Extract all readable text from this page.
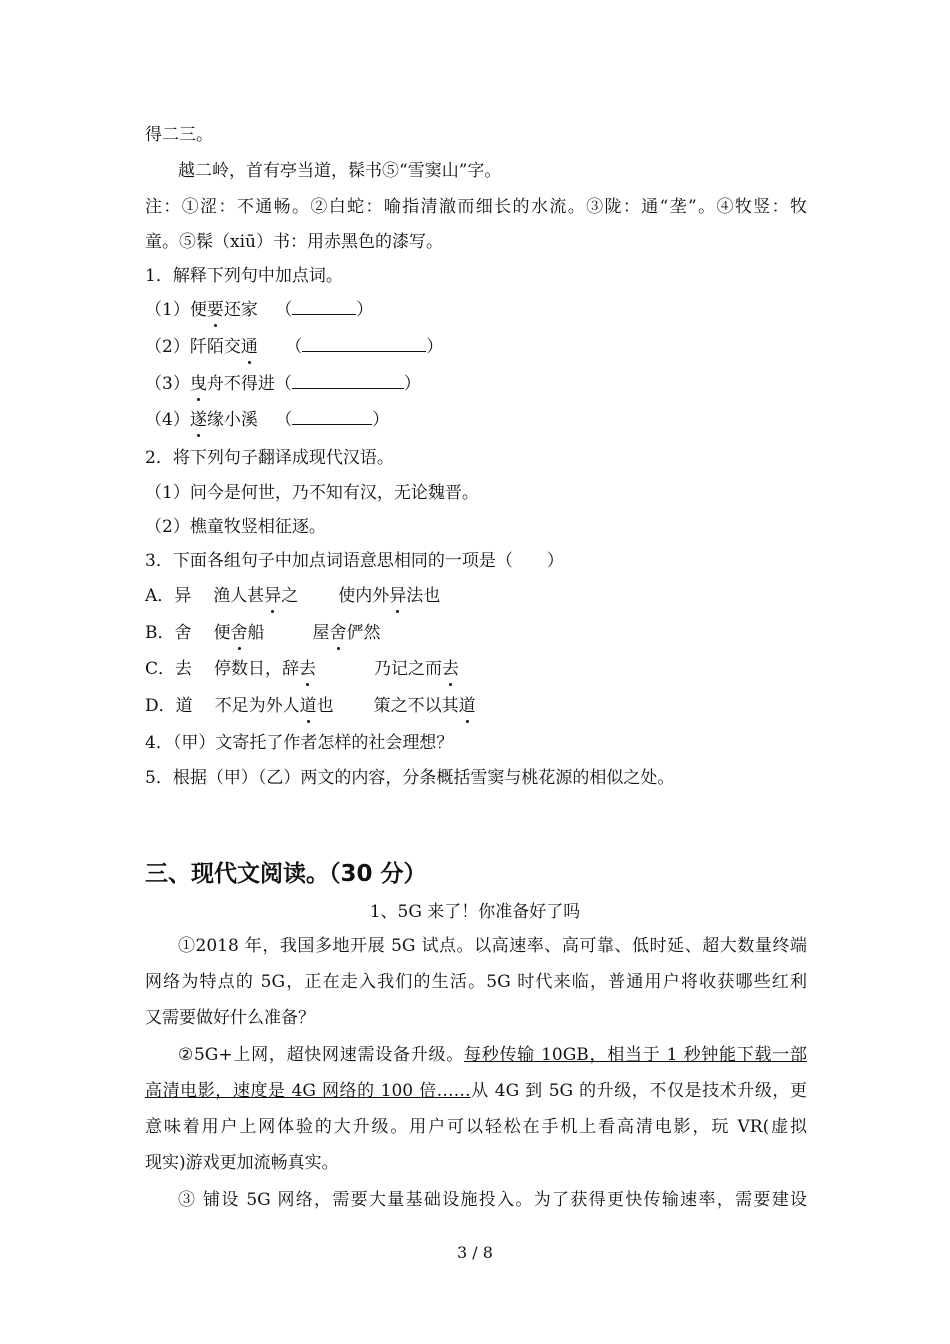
得二三。
越二岭，首有亭当道，髹书⑤“雪窦山”字。
注：①涩：不通畅。②白蛇：喻指清澈而细长的水流。③陇：通“垄”。④牧竖：牧
童。⑤髹（xiū）书：用赤黑色的漆写。
1．解释下列句中加点词。
（1）便要还家 （	）
（2）阡陌交通 （	）
（3）曳舟不得进（	）
（4）遂缘小溪 （	）
2．将下列句子翻译成现代汉语。
（1）问今是何世，乃不知有汉，无论魏晋。
（2）樵童牧竖相征逐。
3．下面各组句子中加点词语意思相同的一项是（　　）
A．异 渔人甚异之 使内外异法也
B．舍 便舍船	屋舍俨然
C．去 停数日，辞去	乃记之而去
D．道 不足为外人道也 策之不以其道
4．（甲）文寄托了作者怎样的社会理想？
5．根据（甲）（乙）两文的内容，分条概括雪窦与桃花源的相似之处。
三、现代文阅读。（30 分）
1、5G 来了！你准备好了吗
①2018 年，我国多地开展 5G 试点。以高速率、高可靠、低时延、超大数量终端
网络为特点的 5G，正在走入我们的生活。5G 时代来临，普通用户将收获哪些红利
又需要做好什么准备？
②5G+上网，超快网速需设备升级。每秒传输 10GB，相当于 1 秒钟能下载一部
高清电影，速度是 4G 网络的 100 倍……从 4G 到 5G 的升级，不仅是技术升级，更
意味着用户上网体验的大升级。用户可以轻松在手机上看高清电影，玩 VR(虚拟
现实)游戏更加流畅真实。
③ 铺设 5G 网络，需要大量基础设施投入。为了获得更快传输速率，需要建设
3 / 8
